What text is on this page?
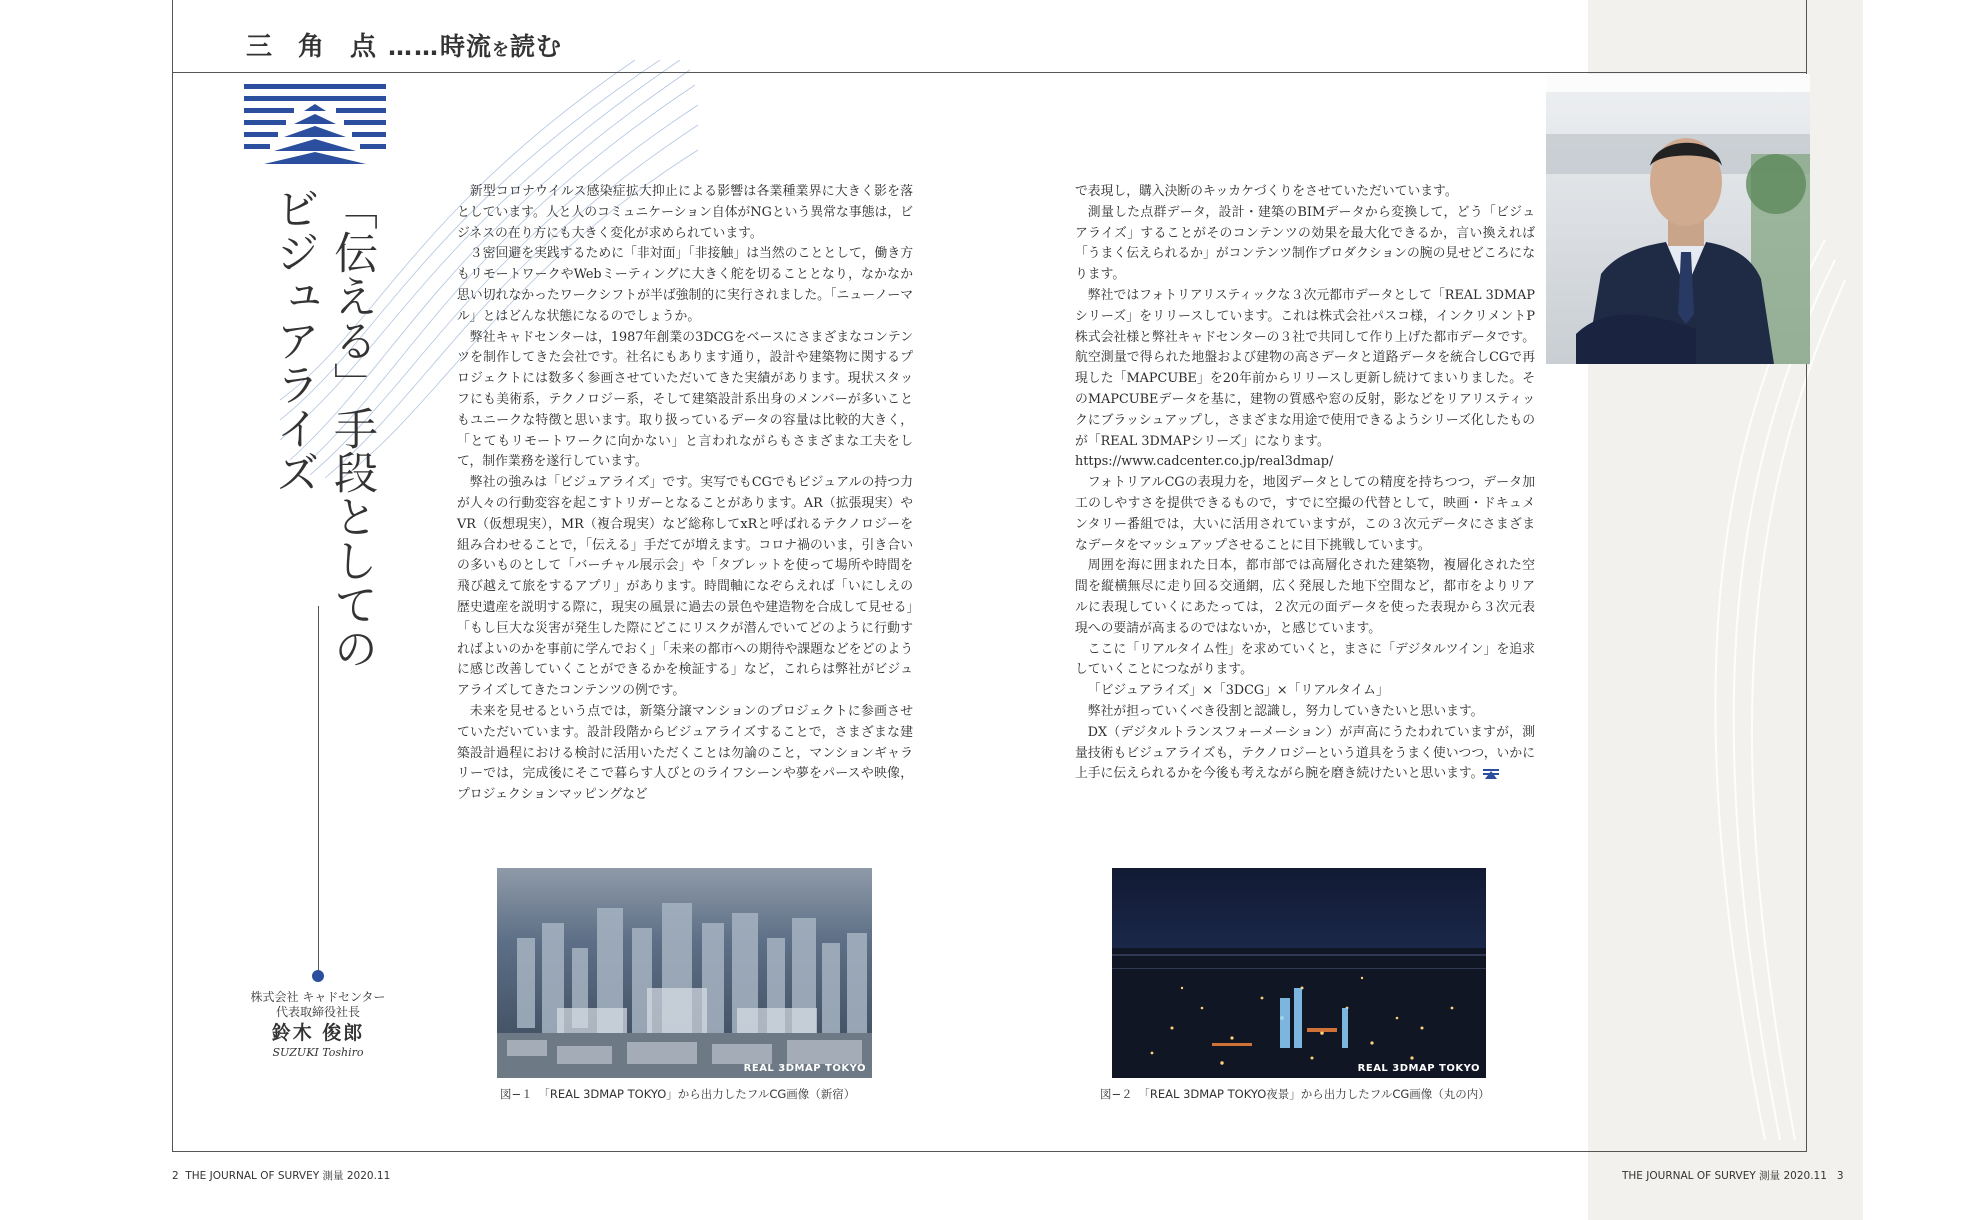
三角点
…… 時流 を 読む
「伝える」手段としての
ビジュアライズ
株式会社 キャドセンター
代表取締役社長
鈴木 俊郎
SUZUKI Toshiro

新型コロナウイルス感染症拡大抑止による影響は各業種業界に大きく影を落としています。人と人のコミュニケーション自体がNGという異常な事態は，ビジネスの在り方にも大きく変化が求められています。

３密回避を実践するために「非対面」「非接触」は当然のこととして，働き方もリモートワークやWebミーティングに大きく舵を切ることとなり，なかなか思い切れなかったワークシフトが半ば強制的に実行されました。「ニューノーマル」とはどんな状態になるのでしょうか。

弊社キャドセンターは，1987年創業の3DCGをベースにさまざまなコンテンツを制作してきた会社です。社名にもあります通り，設計や建築物に関するプロジェクトには数多く参画させていただいてきた実績があります。現状スタッフにも美術系，テクノロジー系，そして建築設計系出身のメンバーが多いこともユニークな特徴と思います。取り扱っているデータの容量は比較的大きく，「とてもリモートワークに向かない」と言われながらもさまざまな工夫をして，制作業務を遂行しています。

弊社の強みは「ビジュアライズ」です。実写でもCGでもビジュアルの持つ力が人々の行動変容を起こすトリガーとなることがあります。AR（拡張現実）やVR（仮想現実），MR（複合現実）など総称してxRと呼ばれるテクノロジーを組み合わせることで，「伝える」手だてが増えます。コロナ禍のいま，引き合いの多いものとして「バーチャル展示会」や「タブレットを使って場所や時間を飛び越えて旅をするアプリ」があります。時間軸になぞらえれば「いにしえの歴史遺産を説明する際に，現実の風景に過去の景色や建造物を合成して見せる」「もし巨大な災害が発生した際にどこにリスクが潜んでいてどのように行動すればよいのかを事前に学んでおく」「未来の都市への期待や課題などをどのように感じ改善していくことができるかを検証する」など，これらは弊社がビジュアライズしてきたコンテンツの例です。

未来を見せるという点では，新築分譲マンションのプロジェクトに参画させていただいています。設計段階からビジュアライズすることで，さまざまな建築設計過程における検討に活用いただくことは勿論のこと，マンションギャラリーでは，完成後にそこで暮らす人びとのライフシーンや夢をパースや映像，プロジェクションマッピングなど

で表現し，購入決断のキッカケづくりをさせていただいています。

測量した点群データ，設計・建築のBIMデータから変換して，どう「ビジュアライズ」することがそのコンテンツの効果を最大化できるか，言い換えれば「うまく伝えられるか」がコンテンツ制作プロダクションの腕の見せどころになります。

弊社ではフォトリアリスティックな３次元都市データとして「REAL 3DMAPシリーズ」をリリースしています。これは株式会社パスコ様，インクリメントP株式会社様と弊社キャドセンターの３社で共同して作り上げた都市データです。航空測量で得られた地盤および建物の高さデータと道路データを統合しCGで再現した「MAPCUBE」を20年前からリリースし更新し続けてまいりました。そのMAPCUBEデータを基に，建物の質感や窓の反射，影などをリアリスティックにブラッシュアップし，さまざまな用途で使用できるようシリーズ化したものが「REAL 3DMAPシリーズ」になります。

https://www.cadcenter.co.jp/real3dmap/

フォトリアルCGの表現力を，地図データとしての精度を持ちつつ，データ加工のしやすさを提供できるもので，すでに空撮の代替として，映画・ドキュメンタリー番組では，大いに活用されていますが，この３次元データにさまざまなデータをマッシュアップさせることに目下挑戦しています。

周囲を海に囲まれた日本，都市部では高層化された建築物，複層化された空間を縦横無尽に走り回る交通網，広く発展した地下空間など，都市をよりリアルに表現していくにあたっては，２次元の面データを使った表現から３次元表現への要請が高まるのではないか，と感じています。

ここに「リアルタイム性」を求めていくと，まさに「デジタルツイン」を追求していくことにつながります。

「ビジュアライズ」×「3DCG」×「リアルタイム」

弊社が担っていくべき役割と認識し，努力していきたいと思います。

DX（デジタルトランスフォーメーション）が声高にうたわれていますが，測量技術もビジュアライズも，テクノロジーという道具をうまく使いつつ，いかに上手に伝えられるかを今後も考えながら腕を磨き続けたいと思います。

REAL 3DMAP TOKYO	REAL 3DMAP TOKYO
図−１　「REAL 3DMAP TOKYO」から出力したフルCG画像（新宿）	図−２　「REAL 3DMAP TOKYO夜景」から出力したフルCG画像（丸の内）
2 THE JOURNAL OF SURVEY 測量 2020.11	THE JOURNAL OF SURVEY 測量 2020.11 3
